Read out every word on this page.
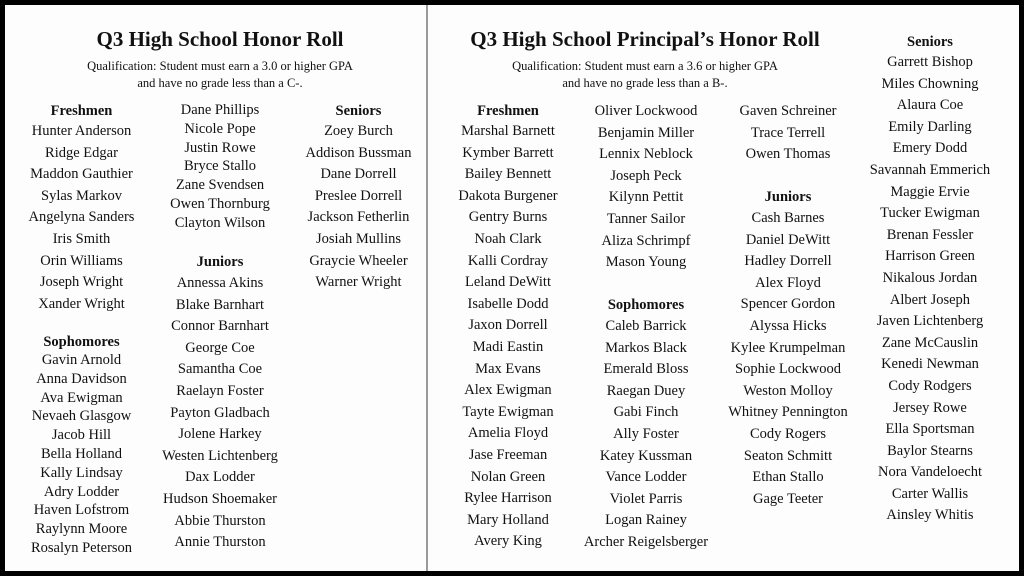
Q3 High School Honor Roll
Qualification: Student must earn a 3.0 or higher GPA
and have no grade less than a C-.
Freshmen
Hunter Anderson
Ridge Edgar
Maddon Gauthier
Sylas Markov
Angelyna Sanders
Iris Smith
Orin Williams
Joseph Wright
Xander Wright
Sophomores
Gavin Arnold
Anna Davidson
Ava Ewigman
Nevaeh Glasgow
Jacob Hill
Bella Holland
Kally Lindsay
Adry Lodder
Haven Lofstrom
Raylynn Moore
Rosalyn Peterson
Dane Phillips
Nicole Pope
Justin Rowe
Bryce Stallo
Zane Svendsen
Owen Thornburg
Clayton Wilson
Juniors
Annessa Akins
Blake Barnhart
Connor Barnhart
George Coe
Samantha Coe
Raelayn Foster
Payton Gladbach
Jolene Harkey
Westen Lichtenberg
Dax Lodder
Hudson Shoemaker
Abbie Thurston
Annie Thurston
Seniors
Zoey Burch
Addison Bussman
Dane Dorrell
Preslee Dorrell
Jackson Fetherlin
Josiah Mullins
Graycie Wheeler
Warner Wright
Q3 High School Principal’s Honor Roll
Qualification: Student must earn a 3.6 or higher GPA
and have no grade less than a B-.
Freshmen
Marshal Barnett
Kymber Barrett
Bailey Bennett
Dakota Burgener
Gentry Burns
Noah Clark
Kalli Cordray
Leland DeWitt
Isabelle Dodd
Jaxon Dorrell
Madi Eastin
Max Evans
Alex Ewigman
Tayte Ewigman
Amelia Floyd
Jase Freeman
Nolan Green
Rylee Harrison
Mary Holland
Avery King
Oliver Lockwood
Benjamin Miller
Lennix Neblock
Joseph Peck
Kilynn Pettit
Tanner Sailor
Aliza Schrimpf
Mason Young
Sophomores
Caleb Barrick
Markos Black
Emerald Bloss
Raegan Duey
Gabi Finch
Ally Foster
Katey Kussman
Vance Lodder
Violet Parris
Logan Rainey
Archer Reigelsberger
Gaven Schreiner
Trace Terrell
Owen Thomas
Juniors
Cash Barnes
Daniel DeWitt
Hadley Dorrell
Alex Floyd
Spencer Gordon
Alyssa Hicks
Kylee Krumpelman
Sophie Lockwood
Weston Molloy
Whitney Pennington
Cody Rogers
Seaton Schmitt
Ethan Stallo
Gage Teeter
Seniors
Garrett Bishop
Miles Chowning
Alaura Coe
Emily Darling
Emery Dodd
Savannah Emmerich
Maggie Ervie
Tucker Ewigman
Brenan Fessler
Harrison Green
Nikalous Jordan
Albert Joseph
Javen Lichtenberg
Zane McCauslin
Kenedi Newman
Cody Rodgers
Jersey Rowe
Ella Sportsman
Baylor Stearns
Nora Vandeloecht
Carter Wallis
Ainsley Whitis
